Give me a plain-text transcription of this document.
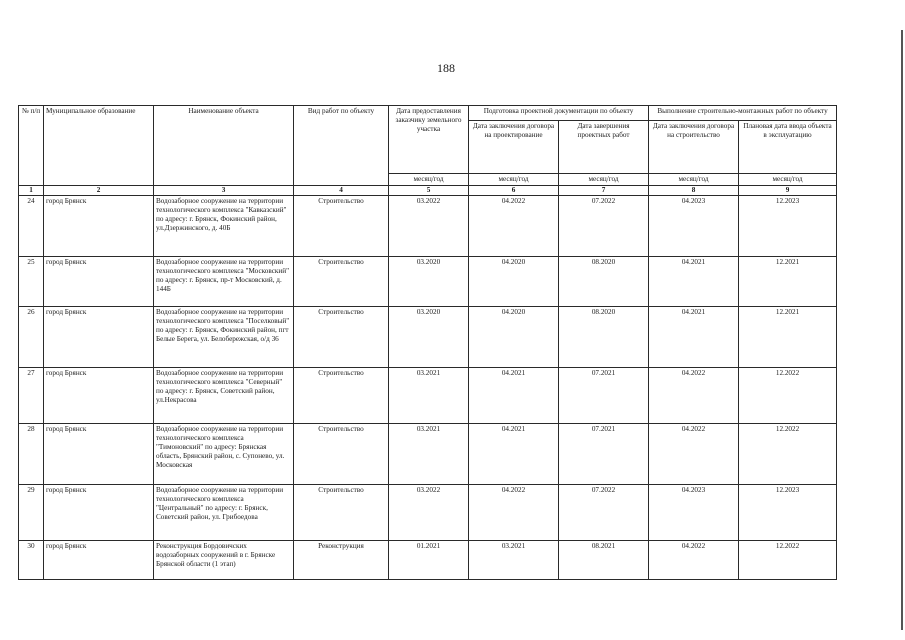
188
№ п/п	Муниципальное образование	Наименование объекта	Вид работ по объекту	Дата предоставления заказчику земельного участка	Подготовка проектной документации по объекту		Выполнение строительно-монтажных работ по объекту	
					Дата заключения договора на проектирование	Дата завершения проектных работ	Дата заключения договора на строительство	Плановая дата ввода объекта в эксплуатацию
				месяц/год	месяц/год	месяц/год	месяц/год	месяц/год
1	2	3	4	5	6	7	8	9
24	город Брянск	Водозаборное сооружение на территории технологического комплекса "Кавказский" по адресу: г. Брянск, Фокинский район, ул.Дзержинского, д. 40Б	Строительство	03.2022	04.2022	07.2022	04.2023	12.2023
25	город Брянск	Водозаборное сооружение на территории технологического комплекса "Московский" по адресу: г. Брянск, пр-т Московский, д. 144Б	Строительство	03.2020	04.2020	08.2020	04.2021	12.2021
26	город Брянск	Водозаборное сооружение на территории технологического комплекса "Поселковый" по адресу: г. Брянск, Фокинский район, пгт Белые Берега, ул. Белобережская, о/д 36	Строительство	03.2020	04.2020	08.2020	04.2021	12.2021
27	город Брянск	Водозаборное сооружение на территории технологического комплекса "Северный" по адресу: г. Брянск, Советский район, ул.Некрасова	Строительство	03.2021	04.2021	07.2021	04.2022	12.2022
28	город Брянск	Водозаборное сооружение на территории технологического комплекса "Тимоновский" по адресу: Брянская область, Брянский район, с. Супонево, ул. Московская	Строительство	03.2021	04.2021	07.2021	04.2022	12.2022
29	город Брянск	Водозаборное сооружение на территории технологического комплекса "Центральный" по адресу: г. Брянск, Советский район, ул. Грибоедова	Строительство	03.2022	04.2022	07.2022	04.2023	12.2023
30	город Брянск	Реконструкция Бордовичских водозаборных сооружений в г. Брянске Брянской области (1 этап)	Реконструкция	01.2021	03.2021	08.2021	04.2022	12.2022
